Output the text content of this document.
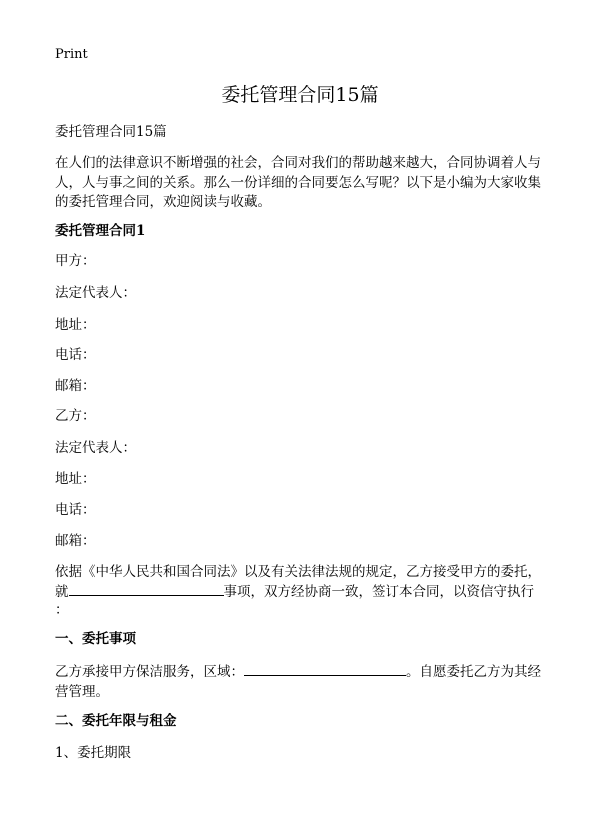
Print
委托管理合同15篇
委托管理合同15篇
在人们的法律意识不断增强的社会，合同对我们的帮助越来越大，合同协调着人与
人，人与事之间的关系。那么一份详细的合同要怎么写呢？以下是小编为大家收集
的委托管理合同，欢迎阅读与收藏。
委托管理合同1
甲方：
法定代表人：
地址：
电话：
邮箱：
乙方：
法定代表人：
地址：
电话：
邮箱：
依据《中华人民共和国合同法》以及有关法律法规的规定，乙方接受甲方的委托，
就	事项，双方经协商一致，签订本合同，以资信守执行
：
一、委托事项
乙方承接甲方保洁服务，区域：	。自愿委托乙方为其经
营管理。
二、委托年限与租金
1、委托期限
